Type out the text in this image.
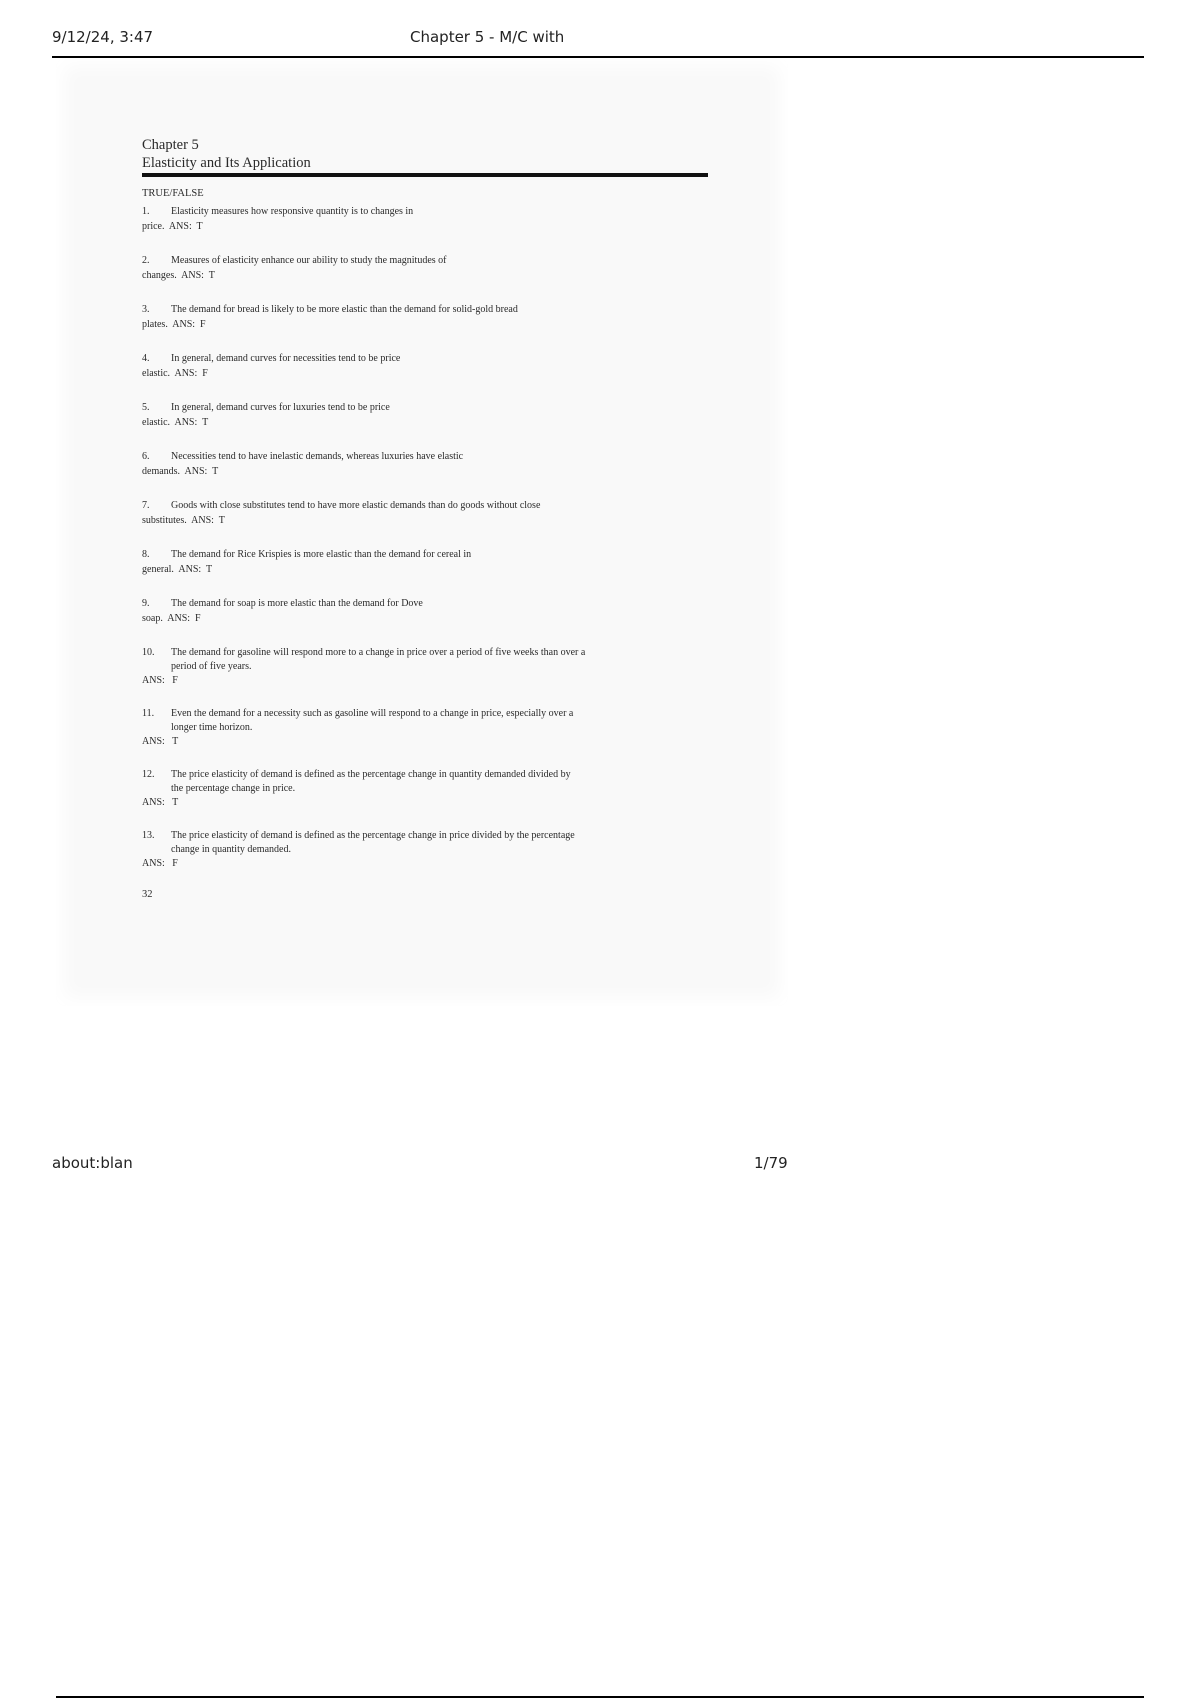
9/12/24, 3:47	Chapter 5 - M/C with
Chapter 5
Elasticity and Its Application
TRUE/FALSE
1.	Elasticity measures how responsive quantity is to changes in
price.  ANS:  T
2.	Measures of elasticity enhance our ability to study the magnitudes of
changes.  ANS:  T
3.	The demand for bread is likely to be more elastic than the demand for solid-gold bread
plates.  ANS:  F
4.	In general, demand curves for necessities tend to be price
elastic.  ANS:  F
5.	In general, demand curves for luxuries tend to be price
elastic.  ANS:  T
6.	Necessities tend to have inelastic demands, whereas luxuries have elastic
demands.  ANS:  T
7.	Goods with close substitutes tend to have more elastic demands than do goods without close
substitutes.  ANS:  T
8.	The demand for Rice Krispies is more elastic than the demand for cereal in
general.  ANS:  T
9.	The demand for soap is more elastic than the demand for Dove
soap.  ANS:  F
10.	The demand for gasoline will respond more to a change in price over a period of five weeks than over a
period of five years.
ANS:   F
11.	Even the demand for a necessity such as gasoline will respond to a change in price, especially over a
longer time horizon.
ANS:   T
12.	The price elasticity of demand is defined as the percentage change in quantity demanded divided by
the percentage change in price.
ANS:   T
13.	The price elasticity of demand is defined as the percentage change in price divided by the percentage
change in quantity demanded.
ANS:   F
32
about:blan	1/79
